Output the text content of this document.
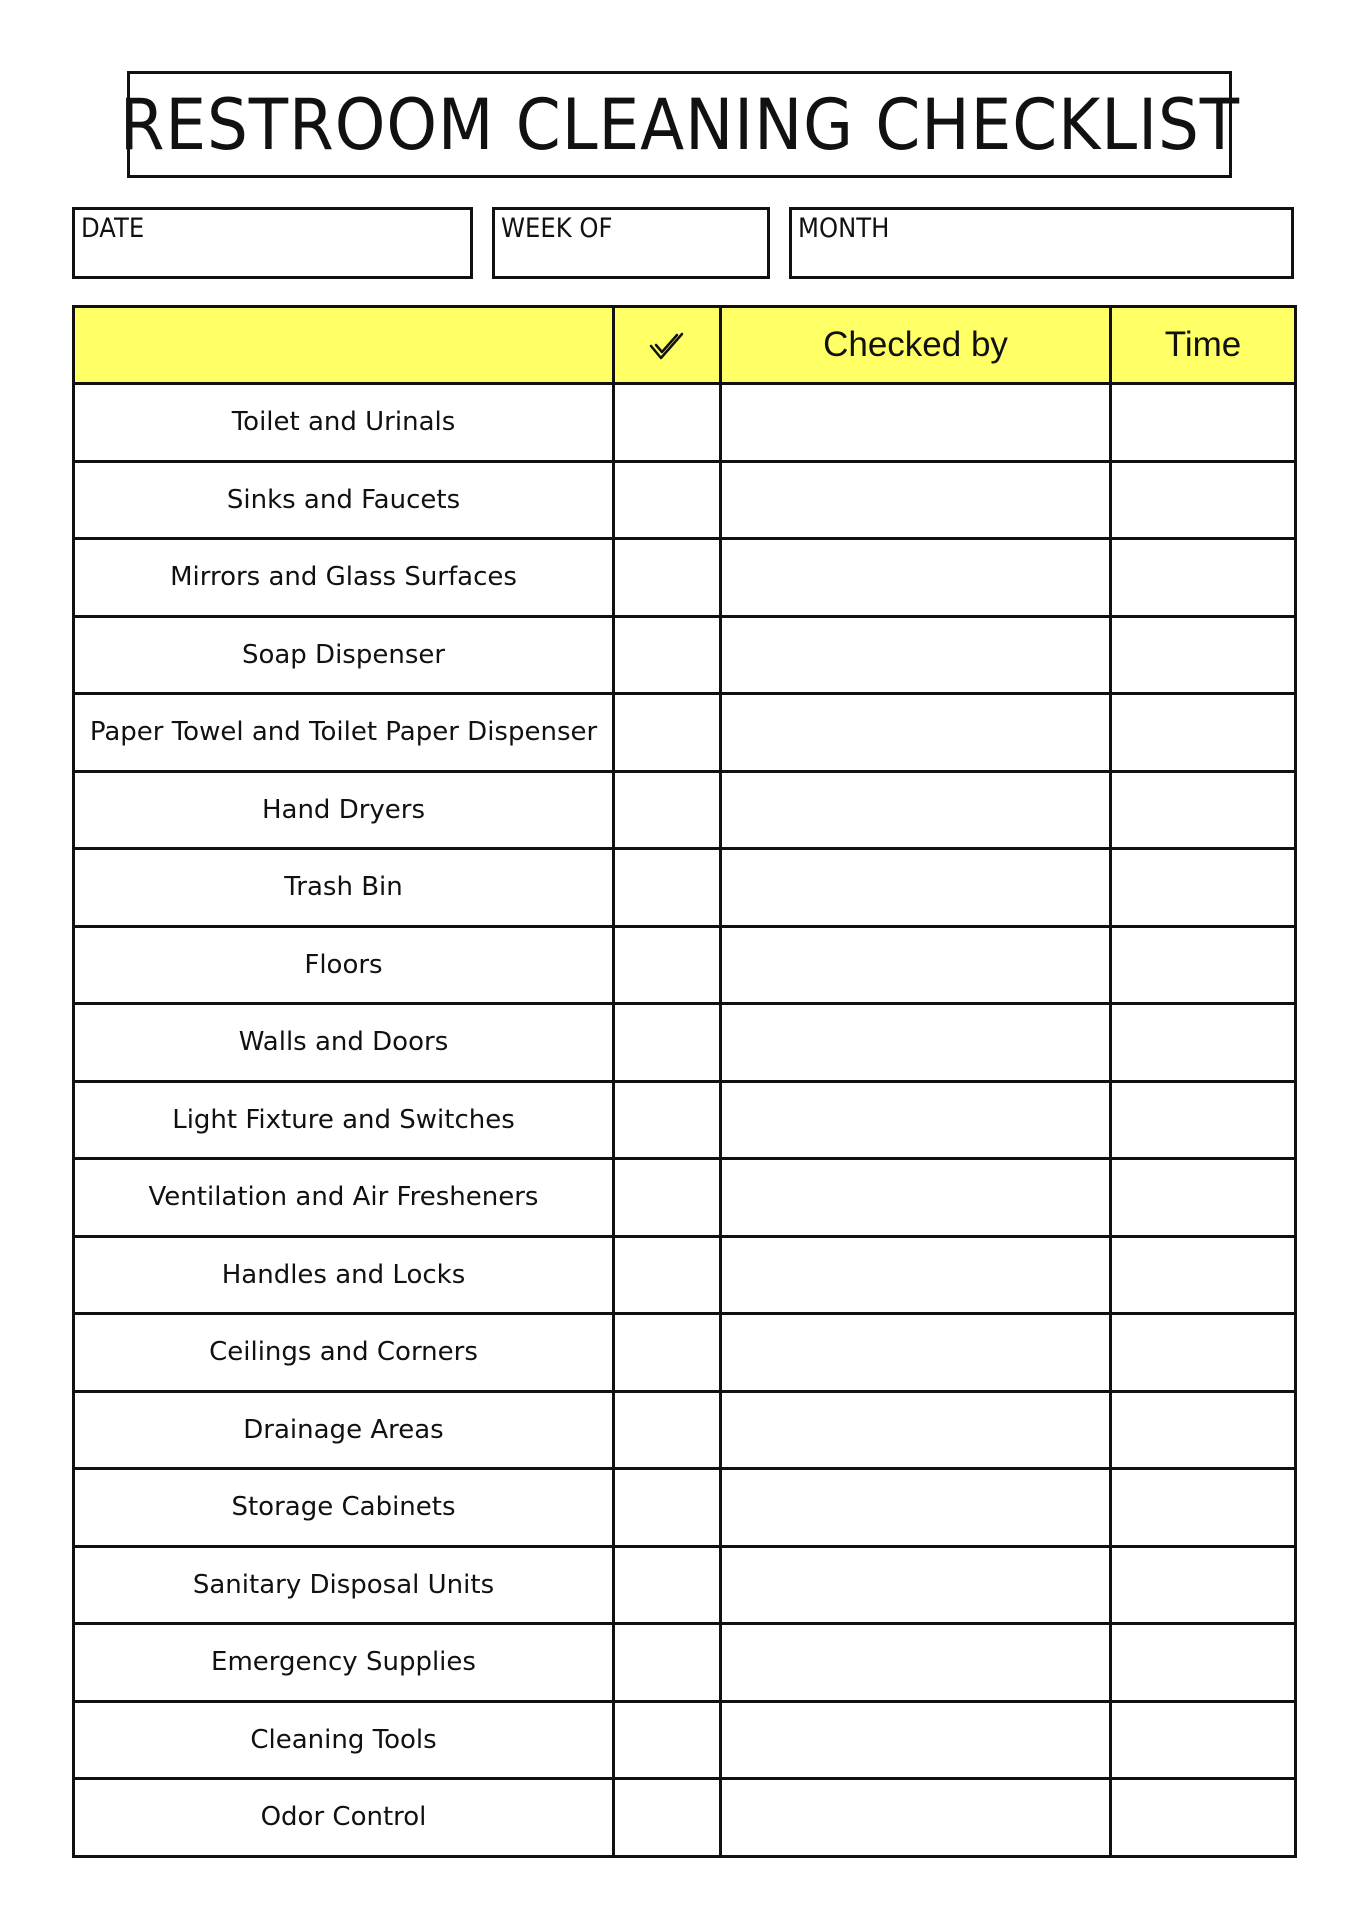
RESTROOM CLEANING CHECKLIST
DATE	WEEK OF	MONTH
		Checked by	Time
Toilet and Urinals			
Sinks and Faucets			
Mirrors and Glass Surfaces			
Soap Dispenser			
Paper Towel and Toilet Paper Dispenser			
Hand Dryers			
Trash Bin			
Floors			
Walls and Doors			
Light Fixture and Switches			
Ventilation and Air Fresheners			
Handles and Locks			
Ceilings and Corners			
Drainage Areas			
Storage Cabinets			
Sanitary Disposal Units			
Emergency Supplies			
Cleaning Tools			
Odor Control			
